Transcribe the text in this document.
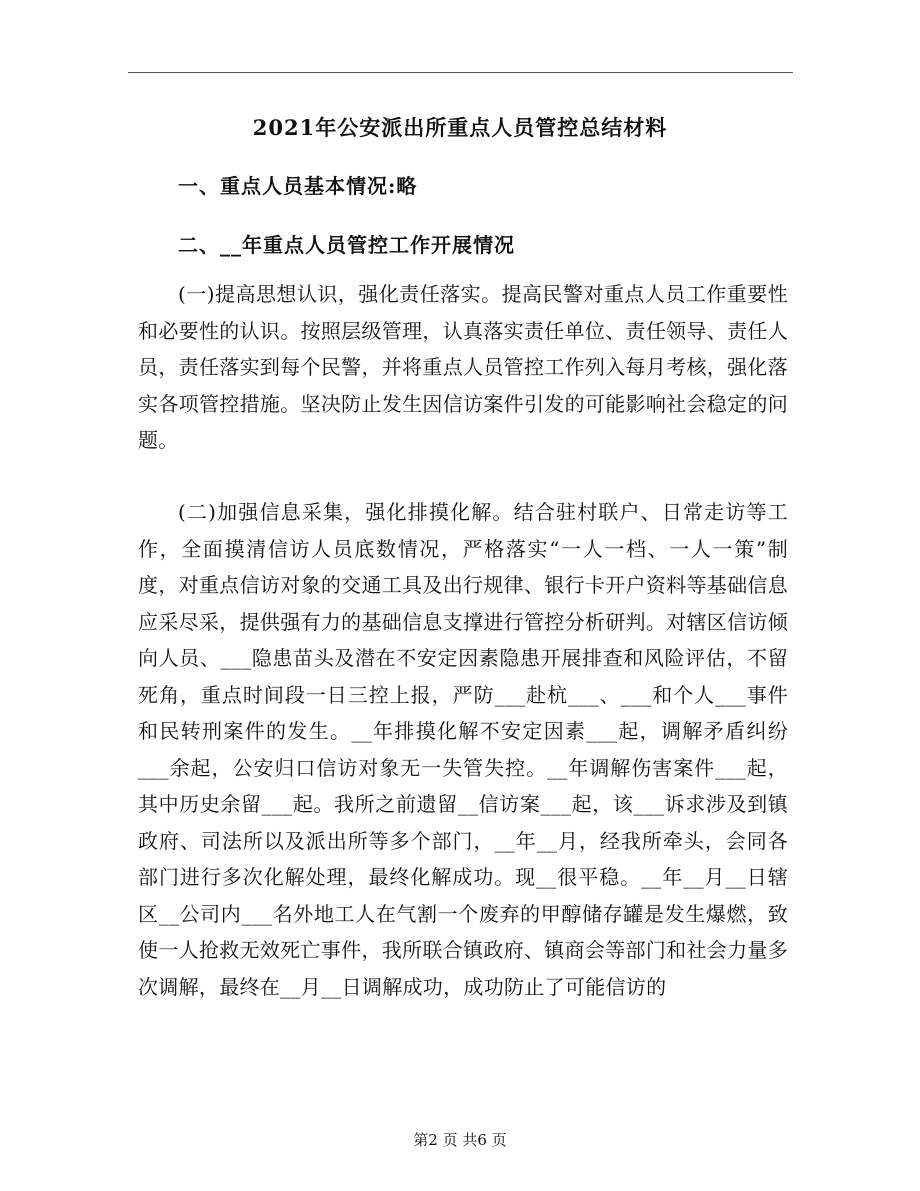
2021年公安派出所重点人员管控总结材料
一、重点人员基本情况:略
二、__年重点人员管控工作开展情况

(一)提高思想认识，强化责任落实。提高民警对重点人员工作重要性和必要性的认识。按照层级管理，认真落实责任单位、责任领导、责任人员，责任落实到每个民警，并将重点人员管控工作列入每月考核，强化落实各项管控措施。坚决防止发生因信访案件引发的可能影响社会稳定的问题。

(二)加强信息采集，强化排摸化解。结合驻村联户、日常走访等工作，全面摸清信访人员底数情况，严格落实“一人一档、一人一策”制度，对重点信访对象的交通工具及出行规律、银行卡开户资料等基础信息应采尽采，提供强有力的基础信息支撑进行管控分析研判。对辖区信访倾向人员、___隐患苗头及潜在不安定因素隐患开展排查和风险评估，不留死角，重点时间段一日三控上报，严防___赴杭___、___和个人___事件和民转刑案件的发生。__年排摸化解不安定因素___起，调解矛盾纠纷___余起，公安归口信访对象无一失管失控。__年调解伤害案件___起，其中历史余留___起。我所之前遗留__信访案___起，该___诉求涉及到镇政府、司法所以及派出所等多个部门，__年__月，经我所牵头，会同各部门进行多次化解处理，最终化解成功。现__很平稳。__年__月__日辖区__公司内___名外地工人在气割一个废弃的甲醇储存罐是发生爆燃，致使一人抢救无效死亡事件，我所联合镇政府、镇商会等部门和社会力量多次调解，最终在__月__日调解成功，成功防止了可能信访的

第2 页 共6 页
